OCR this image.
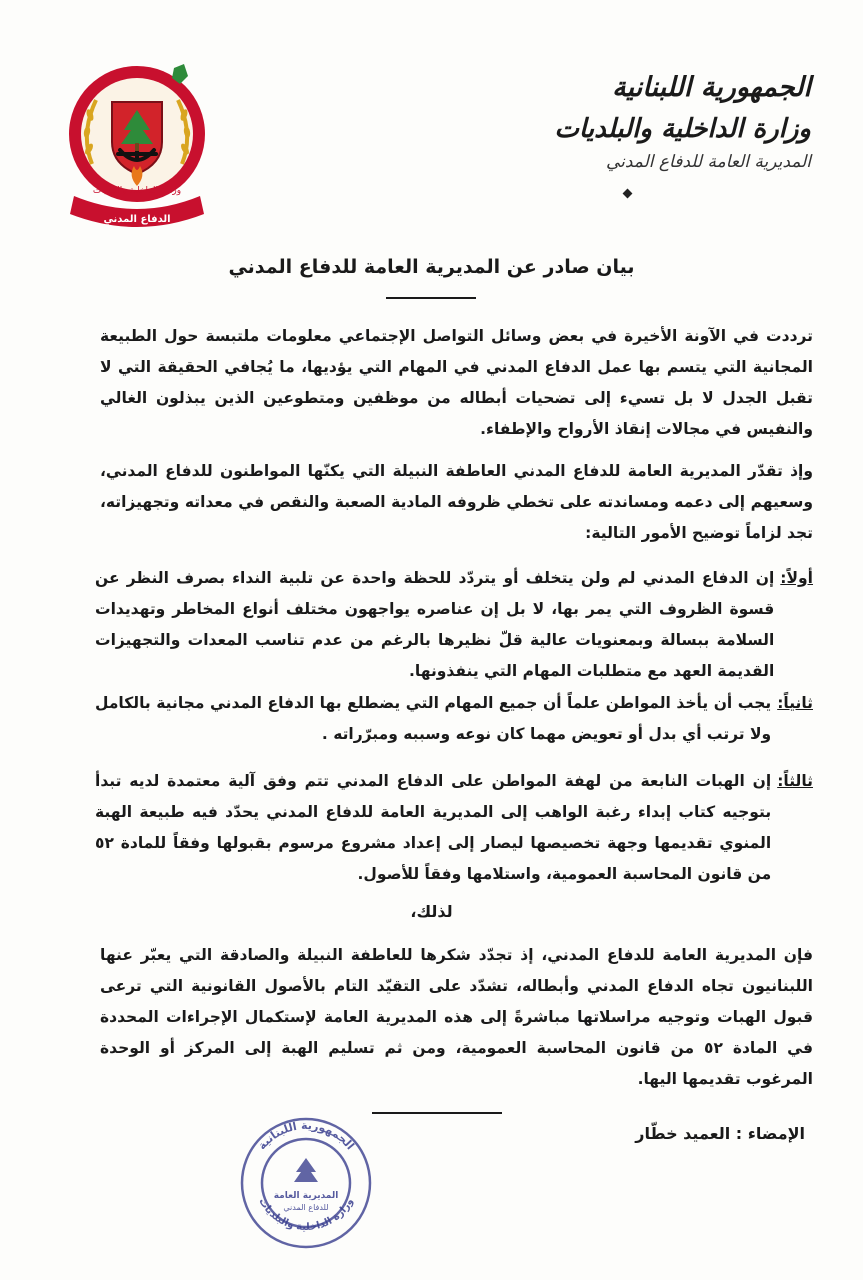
الجمهورية اللبنانية

وزارة الداخلية والبلديات

المديرية العامة للدفاع المدني

وزارة الداخلية والبلديات
الدفاع المدني
بيان صادر عن المديرية العامة للدفاع المدني
ترددت في الآونة الأخيرة في بعض وسائل التواصل الإجتماعي معلومات ملتبسة حول الطبيعة المجانية التي يتسم بها عمل الدفاع المدني في المهام التي يؤديها، ما يُجافي الحقيقة التي لا تقبل الجدل لا بل تسيء إلى تضحيات أبطاله من موظفين ومتطوعين الذين يبذلون الغالي والنفيس في مجالات إنقاذ الأرواح والإطفاء.
وإذ تقدّر المديرية العامة للدفاع المدني العاطفة النبيلة التي يكنّها المواطنون للدفاع المدني، وسعيهم إلى دعمه ومساندته على تخطي ظروفه المادية الصعبة والنقص في معداته وتجهيزاته، تجد لزاماً توضيح الأمور التالية:
أولاً:
إن الدفاع المدني لم ولن يتخلف أو يتردّد للحظة واحدة عن تلبية النداء بصرف النظر عن قسوة الظروف التي يمر بها، لا بل إن عناصره يواجهون مختلف أنواع المخاطر وتهديدات السلامة ببسالة وبمعنويات عالية قلّ نظيرها بالرغم من عدم تناسب المعدات والتجهيزات القديمة العهد مع متطلبات المهام التي ينفذونها.
ثانياً:
يجب أن يأخذ المواطن علماً أن جميع المهام التي يضطلع بها الدفاع المدني مجانية بالكامل ولا ترتب أي بدل أو تعويض مهما كان نوعه وسببه ومبرّراته .
ثالثاً:
إن الهبات النابعة من لهفة المواطن على الدفاع المدني تتم وفق آلية معتمدة لديه تبدأ بتوجيه كتاب إبداء رغبة الواهب إلى المديرية العامة للدفاع المدني يحدّد فيه طبيعة الهبة المنوي تقديمها وجهة تخصيصها ليصار إلى إعداد مشروع مرسوم بقبولها وفقاً للمادة ٥٢ من قانون المحاسبة العمومية، واستلامها وفقاً للأصول.
لذلك،
فإن المديرية العامة للدفاع المدني، إذ تجدّد شكرها للعاطفة النبيلة والصادقة التي يعبّر عنها اللبنانيون تجاه الدفاع المدني وأبطاله، تشدّد على التقيّد التام بالأصول القانونية التي ترعى قبول الهبات وتوجيه مراسلاتها مباشرةً إلى هذه المديرية العامة لإستكمال الإجراءات المحددة في المادة ٥٢ من قانون المحاسبة العمومية، ومن ثم تسليم الهبة إلى المركز أو الوحدة المرغوب تقديمها اليها.
الإمضاء : العميد خطّار
الجمهورية اللبنانية
وزارة الداخلية والبلديات
المديرية العامة
للدفاع المدني
